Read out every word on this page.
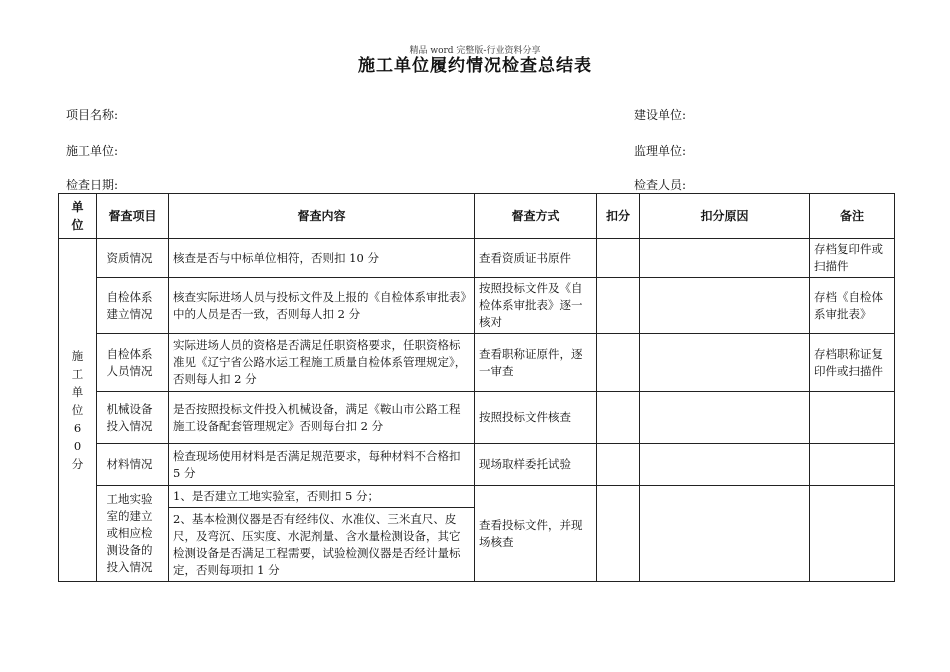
精品 word 完整版-行业资料分享
施工单位履约情况检查总结表
项目名称:	建设单位:
施工单位:	监理单位:
检查日期:	检查人员:
单位	督查项目	督查内容	督查方式	扣分	扣分原因	备注
施工单位60分	资质情况	核查是否与中标单位相符，否则扣 10 分	查看资质证书原件			存档复印件或扫描件
	自检体系建立情况	核查实际进场人员与投标文件及上报的《自检体系审批表》中的人员是否一致，否则每人扣 2 分	按照投标文件及《自检体系审批表》逐一核对			存档《自检体系审批表》
	自检体系人员情况	实际进场人员的资格是否满足任职资格要求，任职资格标准见《辽宁省公路水运工程施工质量自检体系管理规定》，否则每人扣 2 分	查看职称证原件，逐一审查			存档职称证复印件或扫描件
	机械设备投入情况	是否按照投标文件投入机械设备，满足《鞍山市公路工程施工设备配套管理规定》否则每台扣 2 分	按照投标文件核查			
	材料情况	检查现场使用材料是否满足规范要求，每种材料不合格扣 5 分	现场取样委托试验			
	工地实验室的建立或相应检测设备的投入情况	1、是否建立工地实验室，否则扣 5 分；	查看投标文件，并现场核查			
		2、基本检测仪器是否有经纬仪、水准仪、三米直尺、皮尺，及弯沉、压实度、水泥剂量、含水量检测设备，其它检测设备是否满足工程需要，试验检测仪器是否经计量标定，否则每项扣 1 分				
